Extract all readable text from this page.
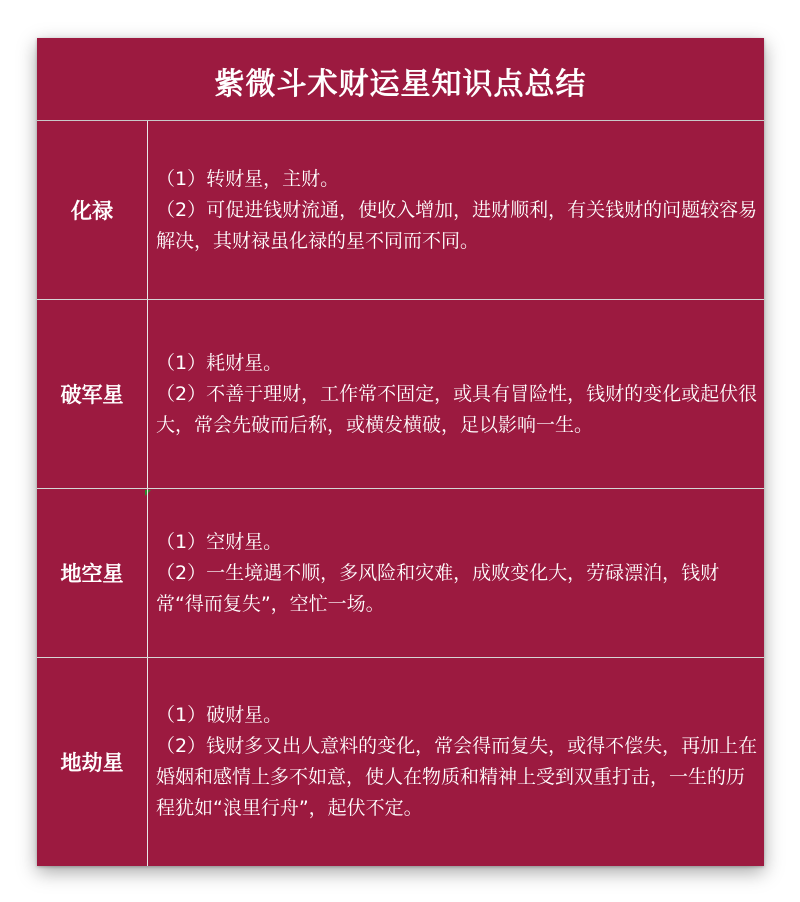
紫微斗术财运星知识点总结
化禄

（1）转财星，主财。

（2）可促进钱财流通，使收入增加，进财顺利，有关钱财的问题较容易解决，其财禄虽化禄的星不同而不同。

破军星

（1）耗财星。

（2）不善于理财，工作常不固定，或具有冒险性，钱财的变化或起伏很大，常会先破而后称，或横发横破，足以影响一生。

地空星

（1）空财星。

（2）一生境遇不顺，多风险和灾难，成败变化大，劳碌漂泊，钱财常“得而复失”，空忙一场。

地劫星

（1）破财星。

（2）钱财多又出人意料的变化，常会得而复失，或得不偿失，再加上在婚姻和感情上多不如意，使人在物质和精神上受到双重打击，一生的历程犹如“浪里行舟”，起伏不定。
